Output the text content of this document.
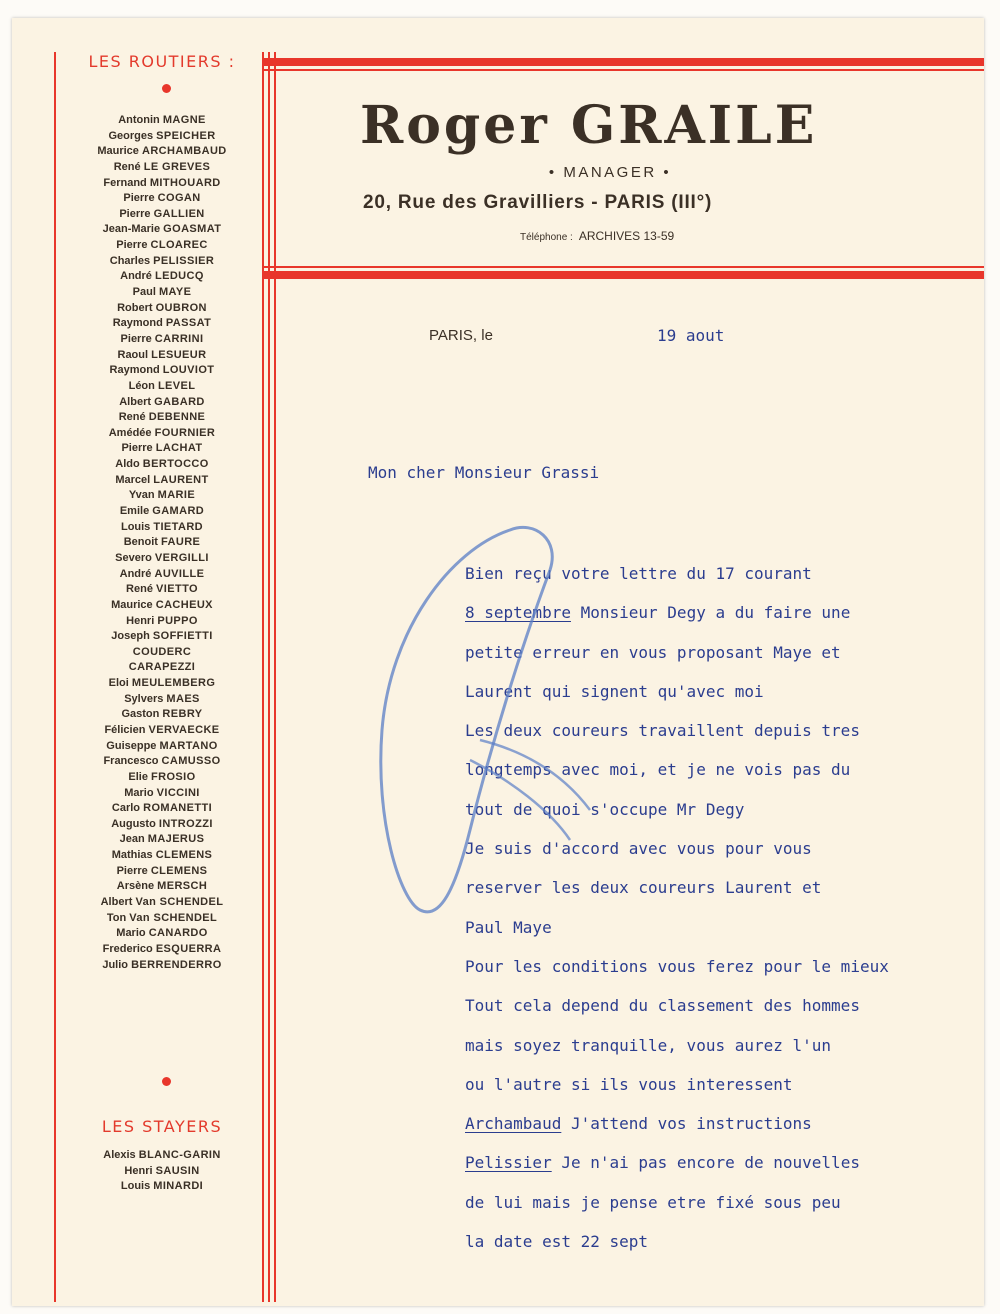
LES ROUTIERS :
Antonin MAGNE
Georges SPEICHER
Maurice ARCHAMBAUD
René LE GREVES
Fernand MITHOUARD
Pierre COGAN
Pierre GALLIEN
Jean-Marie GOASMAT
Pierre CLOAREC
Charles PELISSIER
André LEDUCQ
Paul MAYE
Robert OUBRON
Raymond PASSAT
Pierre CARRINI
Raoul LESUEUR
Raymond LOUVIOT
Léon LEVEL
Albert GABARD
René DEBENNE
Amédée FOURNIER
Pierre LACHAT
Aldo BERTOCCO
Marcel LAURENT
Yvan MARIE
Emile GAMARD
Louis TIETARD
Benoit FAURE
Severo VERGILLI
André AUVILLE
René VIETTO
Maurice CACHEUX
Henri PUPPO
Joseph SOFFIETTI
COUDERC
CARAPEZZI
Eloi MEULEMBERG
Sylvers MAES
Gaston REBRY
Félicien VERVAECKE
Guiseppe MARTANO
Francesco CAMUSSO
Elie FROSIO
Mario VICCINI
Carlo ROMANETTI
Augusto INTROZZI
Jean MAJERUS
Mathias CLEMENS
Pierre CLEMENS
Arsène MERSCH
Albert Van SCHENDEL
Ton Van SCHENDEL
Mario CANARDO
Frederico ESQUERRA
Julio BERRENDERRO
LES STAYERS
Alexis BLANC-GARIN
Henri SAUSIN
Louis MINARDI
Roger GRAILE
• MANAGER •
20, Rue des Gravilliers - PARIS (III°)
Téléphone : ARCHIVES 13-59
PARIS, le	19 aout
Mon cher Monsieur Grassi
Bien reçu votre lettre du 17 courant
8 septembre Monsieur Degy a du faire une
petite erreur en vous proposant Maye et
Laurent qui signent qu'avec moi
Les deux coureurs travaillent depuis tres
longtemps avec moi, et je ne vois pas du
tout de quoi s'occupe Mr Degy
Je suis d'accord avec vous pour vous
reserver les deux coureurs Laurent et
Paul Maye
Pour les conditions vous ferez pour le mieux
Tout cela depend du classement des hommes
mais soyez tranquille, vous aurez l'un
ou l'autre si ils vous interessent
Archambaud J'attend vos instructions
Pelissier Je n'ai pas encore de nouvelles
de lui mais je pense etre fixé sous peu
la date est 22 sept
